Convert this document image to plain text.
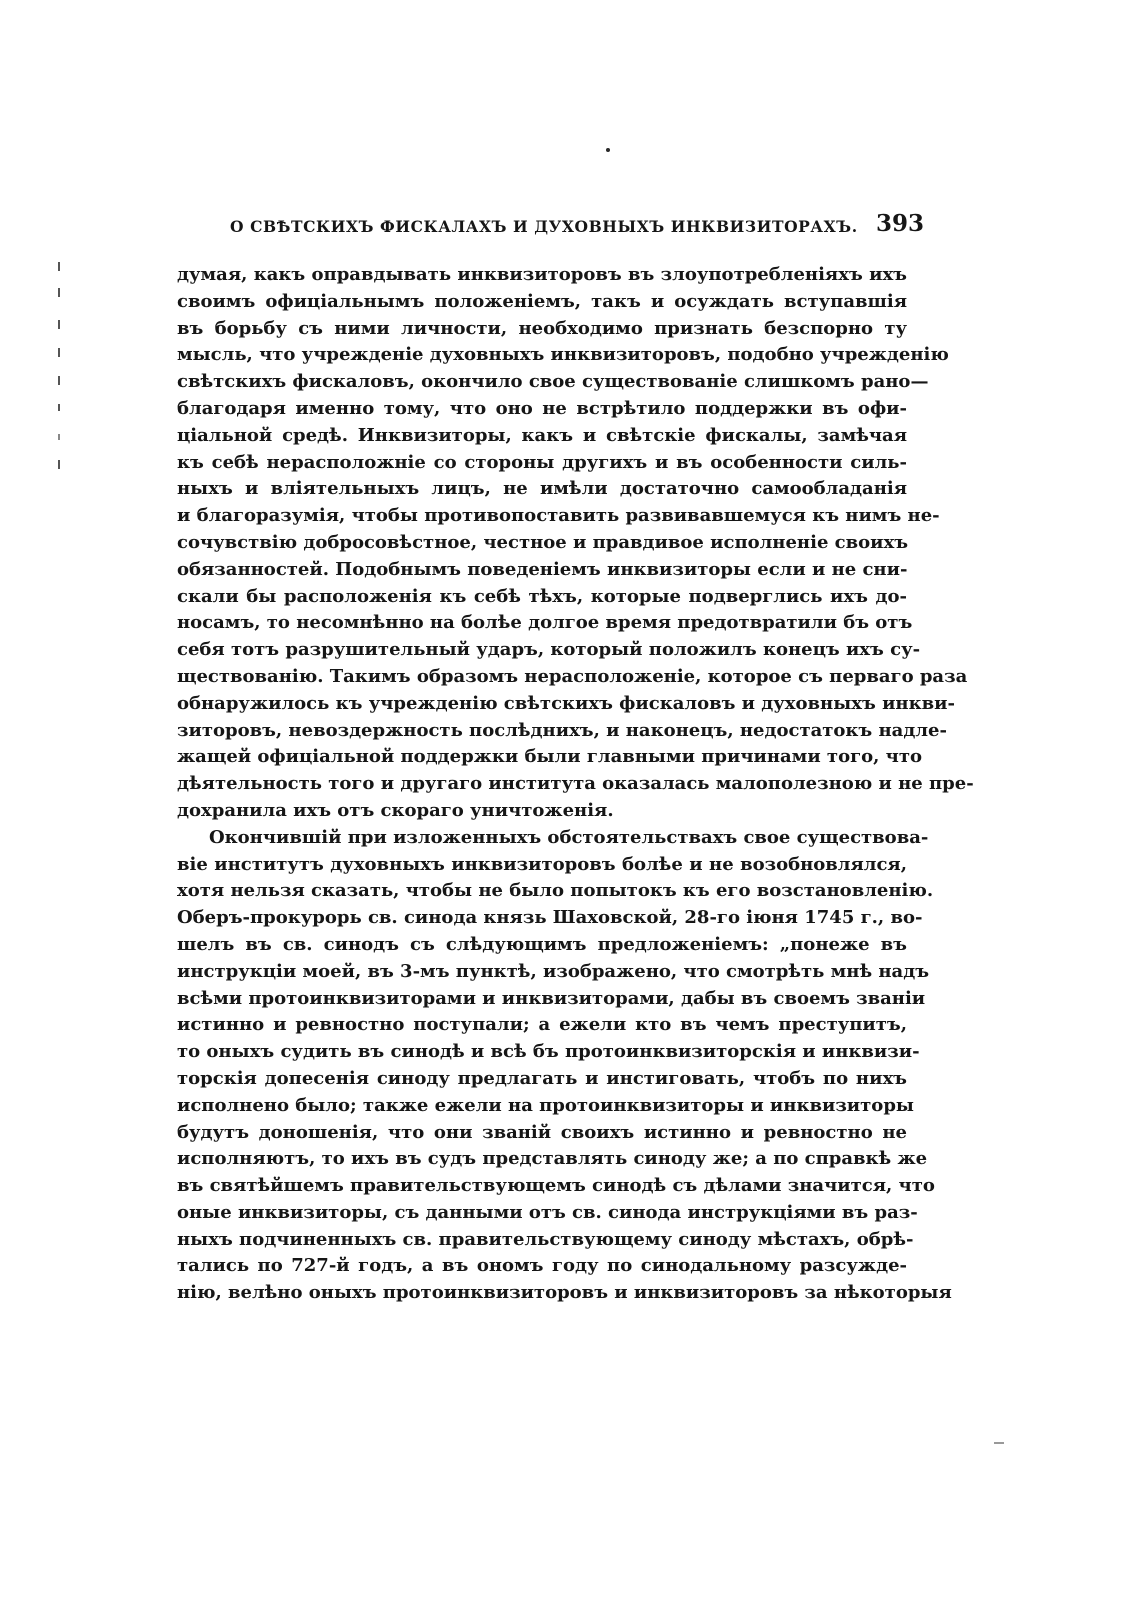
О СВѢТСКИХЪ ФИСКАЛАХЪ И ДУХОВНЫХЪ ИНКВИЗИТОРАХЪ. 393
думая, какъ оправдывать инквизиторовъ въ злоупотребленіяхъ ихъ
своимъ офиціальнымъ положеніемъ, такъ и осуждать вступавшія
въ борьбу съ ними личности, необходимо признать безспорно ту
мысль, что учрежденіе духовныхъ инквизиторовъ, подобно учрежденію
свѣтскихъ фискаловъ, окончило свое существованіе слишкомъ рано—
благодаря именно тому, что оно не встрѣтило поддержки въ офи-
ціальной средѣ. Инквизиторы, какъ и свѣтскіе фискалы, замѣчая
къ себѣ нерасположніе со стороны другихъ и въ особенности силь-
ныхъ и вліятельныхъ лицъ, не имѣли достаточно самообладанія
и благоразумія, чтобы противопоставить развивавшемуся къ нимъ не-
сочувствію добросовѣстное, честное и правдивое исполненіе своихъ
обязанностей. Подобнымъ поведеніемъ инквизиторы если и не сни-
скали бы расположенія къ себѣ тѣхъ, которые подверглись ихъ до-
носамъ, то несомнѣнно на болѣе долгое время предотвратили бъ отъ
себя тотъ разрушительный ударъ, который положилъ конецъ ихъ су-
ществованію. Такимъ образомъ нерасположеніе, которое съ перваго раза
обнаружилось къ учрежденію свѣтскихъ фискаловъ и духовныхъ инкви-
зиторовъ, невоздержность послѣднихъ, и наконецъ, недостатокъ надле-
жащей офиціальной поддержки были главными причинами того, что
дѣятельность того и другаго института оказалась малополезною и не пре-
дохранила ихъ отъ скораго уничтоженія.
Окончившій при изложенныхъ обстоятельствахъ свое существова-
віе институтъ духовныхъ инквизиторовъ болѣе и не возобновлялся,
хотя нельзя сказать, чтобы не было попытокъ къ его возстановленію.
Оберъ-прокурорь св. синода князь Шаховской, 28-го іюня 1745 г., во-
шелъ въ св. синодъ съ слѣдующимъ предложеніемъ: „понеже въ
инструкціи моей, въ 3-мъ пунктѣ, изображено, что смотрѣть мнѣ надъ
всѣми протоинквизиторами и инквизиторами, дабы въ своемъ званіи
истинно и ревностно поступали; а ежели кто въ чемъ преступитъ,
то оныхъ судить въ синодѣ и всѣ бъ протоинквизиторскія и инквизи-
торскія допесенія синоду предлагать и инстиговать, чтобъ по нихъ
исполнено было; также ежели на протоинквизиторы и инквизиторы
будутъ доношенія, что они званій своихъ истинно и ревностно не
исполняютъ, то ихъ въ судъ представлять синоду же; а по справкѣ же
въ святѣйшемъ правительствующемъ синодѣ съ дѣлами значится, что
оные инквизиторы, съ данными отъ св. синода инструкціями въ раз-
ныхъ подчиненныхъ св. правительствующему синоду мѣстахъ, обрѣ-
тались по 727-й годъ, а въ ономъ году по синодальному разсужде-
нію, велѣно оныхъ протоинквизиторовъ и инквизиторовъ за нѣкоторыя
